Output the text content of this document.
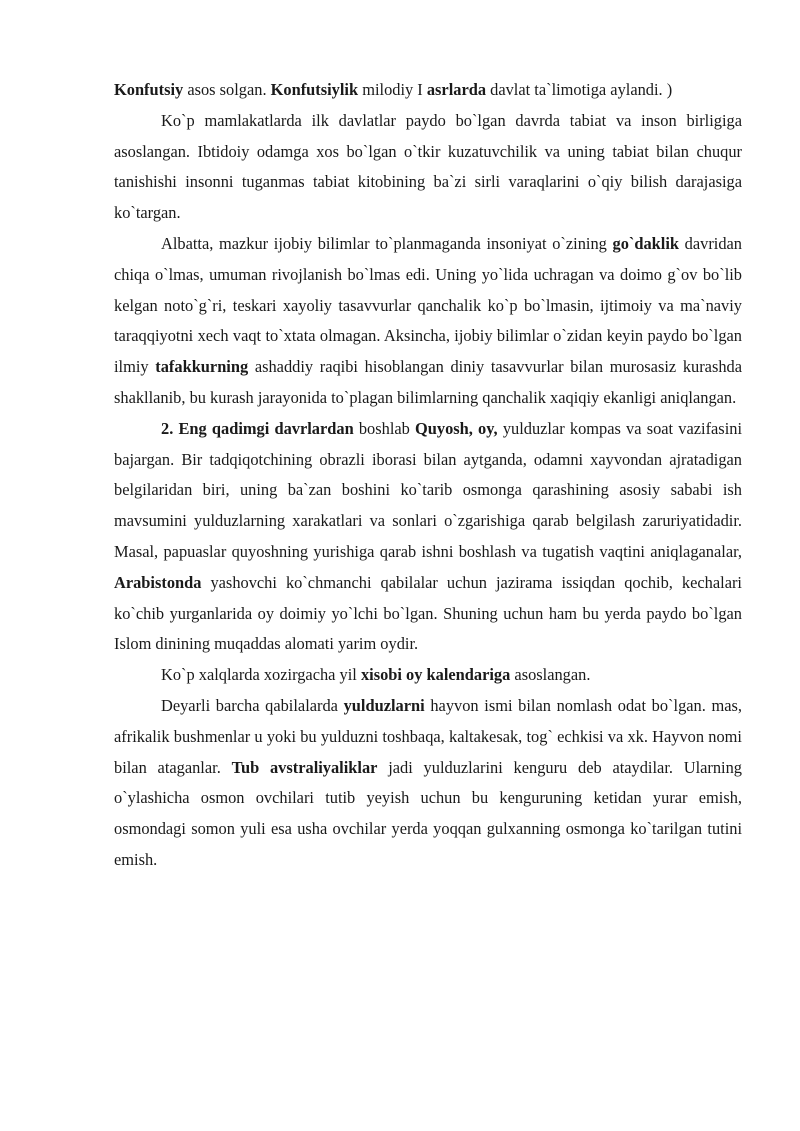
Konfutsiy asos solgan. Konfutsiylik milodiy I asrlarda davlat ta`limotiga aylandi. )

Ko`p mamlakatlarda ilk davlatlar paydo bo`lgan davrda tabiat va inson birligiga asoslangan. Ibtidoiy odamga xos bo`lgan o`tkir kuzatuvchilik va uning tabiat bilan chuqur tanishishi insonni tuganmas tabiat kitobining ba`zi sirli varaqlarini o`qiy bilish darajasiga ko`targan.

Albatta, mazkur ijobiy bilimlar to`planmaganda insoniyat o`zining go`daklik davridan chiqa o`lmas, umuman rivojlanish bo`lmas edi. Uning yo`lida uchragan va doimo g`ov bo`lib kelgan noto`g`ri, teskari xayoliy tasavvurlar qanchalik ko`p bo`lmasin, ijtimoiy va ma`naviy taraqqiyotni xech vaqt to`xtata olmagan. Aksincha, ijobiy bilimlar o`zidan keyin paydo bo`lgan ilmiy tafakkurning ashaddiy raqibi hisoblangan diniy tasavvurlar bilan murosasiz kurashda shakllanib, bu kurash jarayonida to`plagan bilimlarning qanchalik xaqiqiy ekanligi aniqlangan.

2. Eng qadimgi davrlardan boshlab Quyosh, oy, yulduzlar kompas va soat vazifasini bajargan. Bir tadqiqotchining obrazli iborasi bilan aytganda, odamni xayvondan ajratadigan belgilaridan biri, uning ba`zan boshini ko`tarib osmonga qarashining asosiy sababi ish mavsumini yulduzlarning xarakatlari va sonlari o`zgarishiga qarab belgilash zaruriyatidadir. Masal, papuaslar quyoshning yurishiga qarab ishni boshlash va tugatish vaqtini aniqlaganalar, Arabistonda yashovchi ko`chmanchi qabilalar uchun jazirama issiqdan qochib, kechalari ko`chib yurganlarida oy doimiy yo`lchi bo`lgan. Shuning uchun ham bu yerda paydo bo`lgan Islom dinining muqaddas alomati yarim oydir.

Ko`p xalqlarda xozirgacha yil xisobi oy kalendariga asoslangan.

Deyarli barcha qabilalarda yulduzlarni hayvon ismi bilan nomlash odat bo`lgan. mas, afrikalik bushmenlar u yoki bu yulduzni toshbaqa, kaltakesak, tog` echkisi va xk. Hayvon nomi bilan ataganlar. Tub avstraliyaliklar jadi yulduzlarini kenguru deb ataydilar. Ularning o`ylashicha osmon ovchilari tutib yeyish uchun bu kenguruning ketidan yurar emish, osmondagi somon yuli esa usha ovchilar yerda yoqqan gulxanning osmonga ko`tarilgan tutini emish.
